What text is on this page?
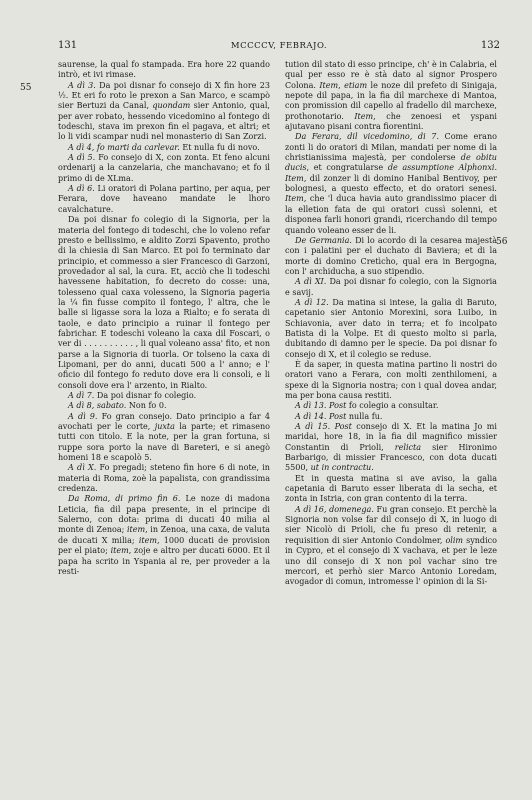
131	MCCCCV, FEBRAJO.	132
55
56

saurense, la qual fo stampada. Era hore 22 quando intrò, et ivi rimase.

A dì 3. Da poi disnar fo consejo di X fin hore 23 ½. Et eri fo roto le prexon a San Marco, e scampò sier Bertuzi da Canal, quondam sier Antonio, qual, per aver robato, hessendo vicedomino al fontego di todeschi, stava im prexon fin el pagava, et altri; et lo li vidi scampar nudi nel monasterio di San Zorzi.

A dì 4, fo marti da carlevar. Et nulla fu di novo.

A dì 5. Fo consejo di X, con zonta. Et feno alcuni ordenarij a la canzelaria, che manchavano; et fo il primo di de XLma.

A dì 6. Li oratori di Polana partino, per aqua, per Ferara, dove haveano mandate le lhoro cavalchature.

Da poi disnar fo colegio di la Signoria, per la materia del fontego di todeschi, che lo voleno refar presto e bellissimo, e aldito Zorzi Spavento, protho di la chiesia di San Marco. Et poi fo terminato dar principio, et commesso a sier Francesco di Garzoni, provedador al sal, la cura. Et, acciò che li todeschi havessene habitation, fo decreto do cosse: una, tolesseno qual caxa volesseno, la Signoria pageria la ¼ fin fusse compito il fontego, l' altra, che le balle si ligasse sora la loza a Rialto; e fo serata di taole, e dato principio a ruinar il fontego per fabrichar. E todeschi voleano la caxa dil Foscari, o ver di . . . . . . . . . . , li qual voleano assa' fito, et non parse a la Signoria di tuorla. Or tolseno la caxa di Lipomani, per do anni, ducati 500 a l' anno; e l' oficio dil fontego fo reduto dove era li consoli, e li consoli dove era l' arzento, in Rialto.

A dì 7. Da poi disnar fo colegio.

A dì 8, sabato. Non fo 0.

A dì 9. Fo gran consejo. Dato principio a far 4 avochati per le corte, juxta la parte; et rimaseno tutti con titolo. E la note, per la gran fortuna, si ruppe sora porto la nave di Bareteri, e si anegò homeni 18 e scapolò 5.

A dì X. Fo pregadi; steteno fin hore 6 di note, in materia di Roma, zoè la papalista, con grandissima credenza.

Da Roma, di primo fin 6. Le noze di madona Leticia, fia dil papa presente, in el principe di Salerno, con dota: prima di ducati 40 milia al monte di Zenoa; item, in Zenoa, una caxa, de valuta de ducati X milia; item, 1000 ducati de provision per el piato; item, zoje e altro per ducati 6000. Et il papa ha scrito in Yspania al re, per proveder a la resti-

tution dil stato di esso principe, ch' è in Calabria, el qual per esso re è stà dato al signor Prospero Colona. Item, etiam le noze dil prefeto di Sinigaja, nepote dil papa, in la fia dil marchexe di Mantoa, con promission dil capello al fradello dil marchexe, prothonotario. Item, che zenoesi et yspani ajutavano pisani contra fiorentini.

Da Ferara, dil vicedomino, di 7. Come erano zonti li do oratori di Milan, mandati per nome di la christianissima majestà, per condolerse de obitu ducis, et congratularse de assumptione Alphonxi. Item, dil zonzer li di domino Hanibal Bentivoy, per bolognesi, a questo effecto, et do oratori senesi. Item, che 'l duca havia auto grandissimo piacer di la elletion fata de qui oratori cussì solenni, et disponea farli honori grandi, ricerchando dil tempo quando voleano esser de li.

De Germania. Di lo acordo di la cesarea majestà con i palatini per el duchato di Baviera; et di la morte di domino Cretìcho, qual era in Bergogna, con l' archiducha, a suo stipendio.

A dì XI. Da poi disnar fo colegio, con la Signoria e savij.

A dì 12. Da matina si intese, la galia di Baruto, capetanio sier Antonio Morexini, sora Luibo, in Schiavonia, aver dato in terra; et fo incolpato Batista di la Volpe. Et di questo molto si parla, dubitando di damno per le specie. Da poi disnar fo consejo di X, et il colegio se reduse.

È da saper, in questa matina partino li nostri do oratori vano a Ferara, con molti zenthilomeni, a spexe di la Signoria nostra; con i qual dovea andar, ma per bona causa restiti.

A dì 13. Post fo colegio a consultar.

A dì 14. Post nulla fu.

A dì 15. Post consejo di X. Et la matina Jo mi maridai, hore 18, in la fia dil magnifico missier Constantin di Prioli, relicta sier Hironimo Barbarigo, di missier Francesco, con dota ducati 5500, ut in contractu.

Et in questa matina si ave aviso, la galia capetania di Baruto esser liberata di la secha, et zonta in Istria, con gran contento di la terra.

A dì 16, domenega. Fu gran consejo. Et perchè la Signoria non volse far dil consejo di X, in luogo di sier Nicolò di Prioli, che fu preso di retenir, a requisition di sier Antonio Condolmer, olim syndico in Cypro, et el consejo di X vachava, et per le leze uno dil consejo di X non pol vachar sino tre mercori, et perhò sier Marco Antonio Loredam, avogador di comun, intromesse l' opinion di la Si-
